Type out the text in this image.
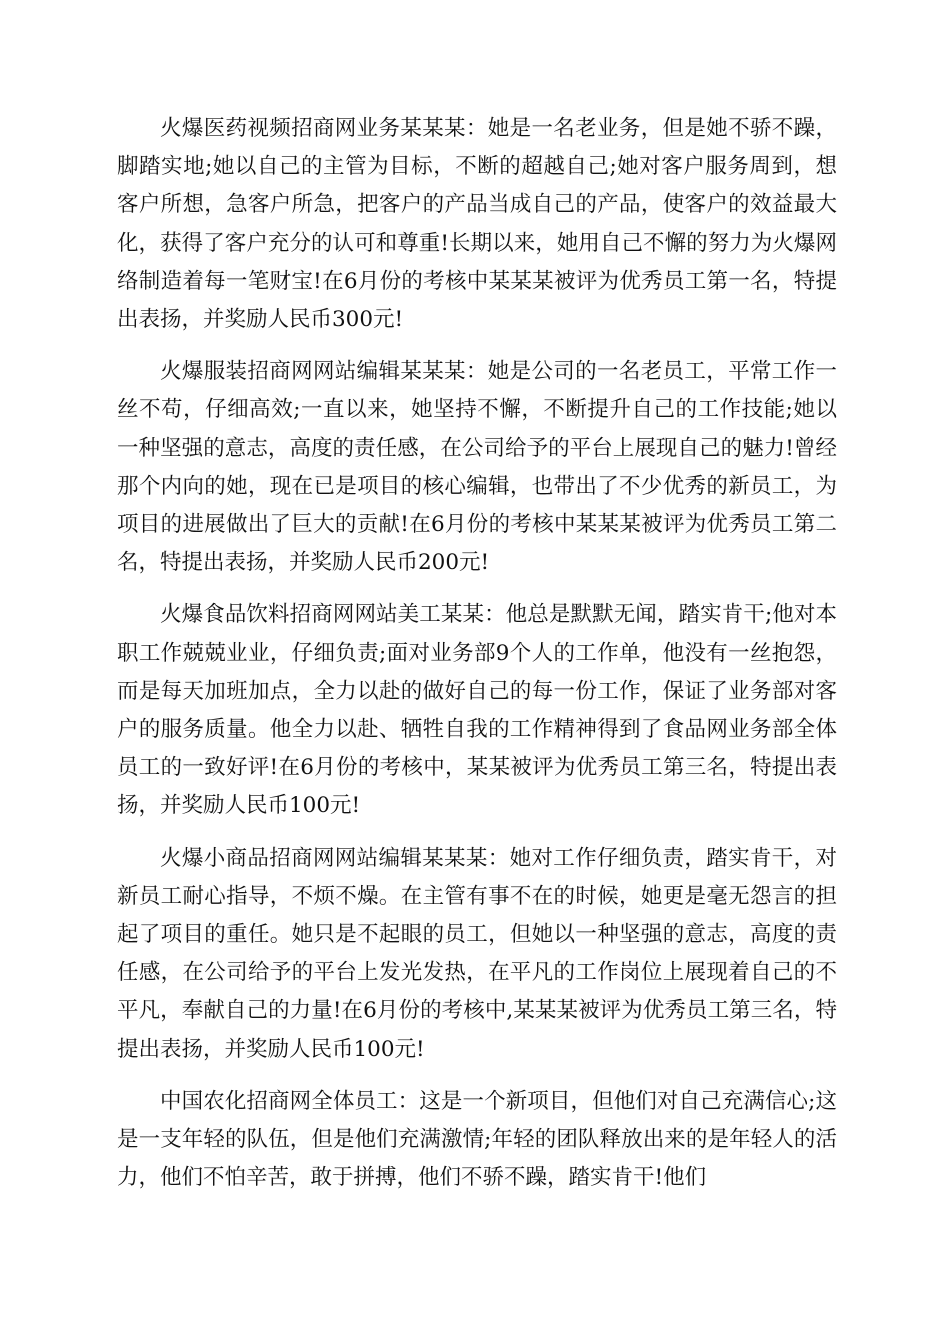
火爆医药视频招商网业务某某某：她是一名老业务，但是她不骄不躁，脚踏实地;她以自己的主管为目标，不断的超越自己;她对客户服务周到，想客户所想，急客户所急，把客户的产品当成自己的产品，使客户的效益最大化，获得了客户充分的认可和尊重!长期以来，她用自己不懈的努力为火爆网络制造着每一笔财宝!在6月份的考核中某某某被评为优秀员工第一名，特提出表扬，并奖励人民币300元!

火爆服装招商网网站编辑某某某：她是公司的一名老员工，平常工作一丝不苟，仔细高效;一直以来，她坚持不懈，不断提升自己的工作技能;她以一种坚强的意志，高度的责任感，在公司给予的平台上展现自己的魅力!曾经那个内向的她，现在已是项目的核心编辑，也带出了不少优秀的新员工，为项目的进展做出了巨大的贡献!在6月份的考核中某某某被评为优秀员工第二名，特提出表扬，并奖励人民币200元!

火爆食品饮料招商网网站美工某某：他总是默默无闻，踏实肯干;他对本职工作兢兢业业，仔细负责;面对业务部9个人的工作单，他没有一丝抱怨，而是每天加班加点，全力以赴的做好自己的每一份工作，保证了业务部对客户的服务质量。他全力以赴、牺牲自我的工作精神得到了食品网业务部全体员工的一致好评!在6月份的考核中，某某被评为优秀员工第三名，特提出表扬，并奖励人民币100元!

火爆小商品招商网网站编辑某某某：她对工作仔细负责，踏实肯干，对新员工耐心指导，不烦不燥。在主管有事不在的时候，她更是毫无怨言的担起了项目的重任。她只是不起眼的员工，但她以一种坚强的意志，高度的责任感，在公司给予的平台上发光发热，在平凡的工作岗位上展现着自己的不平凡，奉献自己的力量!在6月份的考核中,某某某被评为优秀员工第三名，特提出表扬，并奖励人民币100元!

中国农化招商网全体员工：这是一个新项目，但他们对自己充满信心;这是一支年轻的队伍，但是他们充满激情;年轻的团队释放出来的是年轻人的活力，他们不怕辛苦，敢于拼搏，他们不骄不躁，踏实肯干!他们
